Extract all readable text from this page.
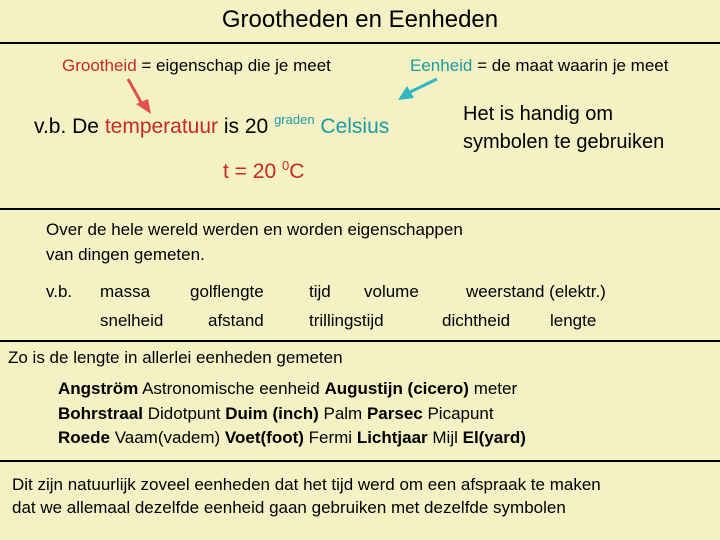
Grootheden en Eenheden
Grootheid = eigenschap die je meet	Eenheid = de maat waarin je meet
v.b. De temperatuur is 20 $^{graden}$ Celsius
t = 20 $^0$C
Het is handig om
symbolen te gebruiken
Over de hele wereld werden en worden eigenschappen
van dingen gemeten.
v.b. massa golflengte	tijd volume	weerstand (elektr.)
snelheid	afstand	trillingstijd	dichtheid lengte
Zo is de lengte in allerlei eenheden gemeten
Angström Astronomische eenheid Augustijn (cicero) meter
Bohrstraal Didotpunt Duim (inch) Palm Parsec Picapunt
Roede Vaam(vadem) Voet(foot) Fermi Lichtjaar Mijl El(yard)
Dit zijn natuurlijk zoveel eenheden dat het tijd werd om een afspraak te maken
dat we allemaal dezelfde eenheid gaan gebruiken met dezelfde symbolen
